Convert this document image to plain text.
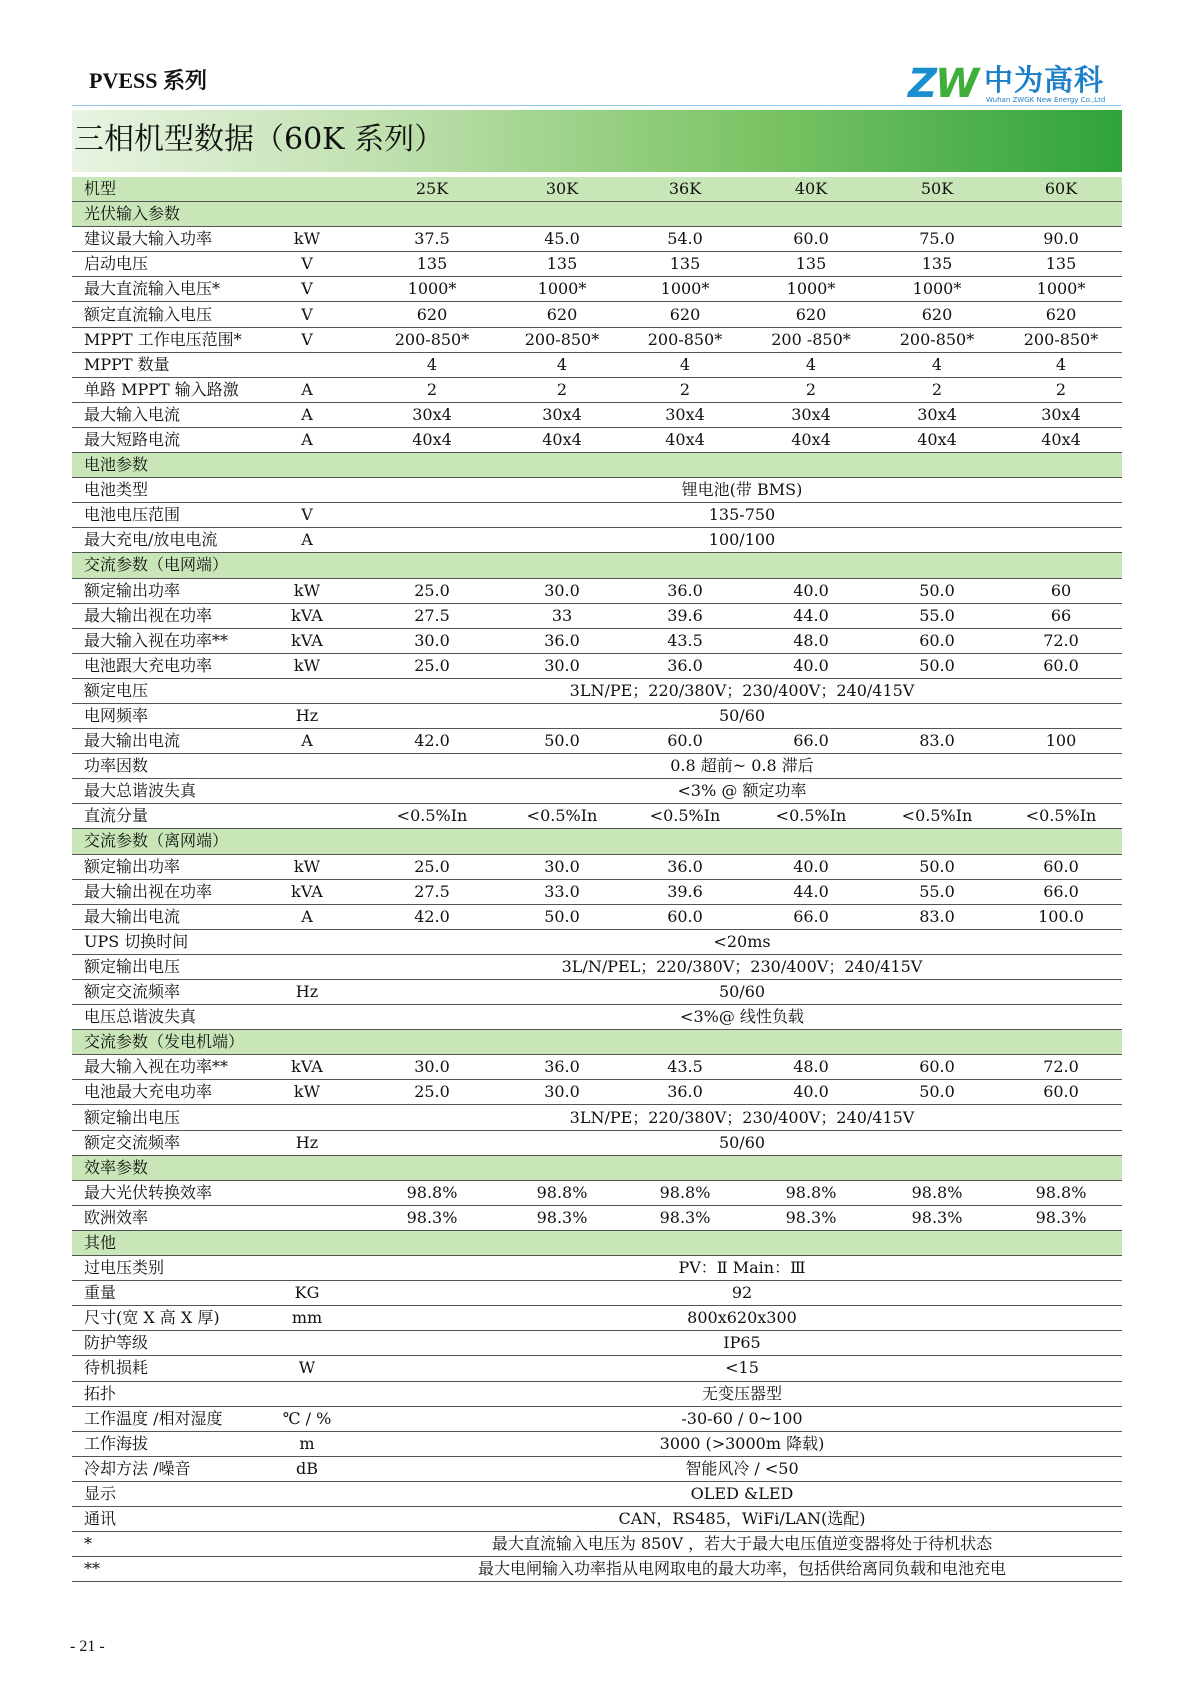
PVESS 系列	ZW 中为高科
Wuhan ZWGK New Energy Co.,Ltd
三相机型数据（60K 系列）
机型		25K	30K	36K	40K	50K	60K
光伏输入参数							
建议最大输入功率	kW	37.5	45.0	54.0	60.0	75.0	90.0
启动电压	V	135	135	135	135	135	135
最大直流输入电压*	V	1000*	1000*	1000*	1000*	1000*	1000*
额定直流输入电压	V	620	620	620	620	620	620
MPPT 工作电压范围*	V	200-850*	200-850*	200-850*	200 -850*	200-850*	200-850*
MPPT 数量		4	4	4	4	4	4
单路 MPPT 输入路激	A	2	2	2	2	2	2
最大输入电流	A	30x4	30x4	30x4	30x4	30x4	30x4
最大短路电流	A	40x4	40x4	40x4	40x4	40x4	40x4
电池参数							
电池类型		锂电池(带 BMS)					
电池电压范围	V	135-750					
最大充电/放电电流	A	100/100					
交流参数（电网端）							
额定输出功率	kW	25.0	30.0	36.0	40.0	50.0	60
最大输出视在功率	kVA	27.5	33	39.6	44.0	55.0	66
最大输入视在功率**	kVA	30.0	36.0	43.5	48.0	60.0	72.0
电池跟大充电功率	kW	25.0	30.0	36.0	40.0	50.0	60.0
额定电压		3LN/PE；220/380V；230/400V；240/415V					
电网频率	Hz	50/60					
最大输出电流	A	42.0	50.0	60.0	66.0	83.0	100
功率因数		0.8 超前~ 0.8 滞后					
最大总谐波失真		<3% @ 额定功率					
直流分量		<0.5%In	<0.5%In	<0.5%In	<0.5%In	<0.5%In	<0.5%In
交流参数（离网端）							
额定输出功率	kW	25.0	30.0	36.0	40.0	50.0	60.0
最大输出视在功率	kVA	27.5	33.0	39.6	44.0	55.0	66.0
最大输出电流	A	42.0	50.0	60.0	66.0	83.0	100.0
UPS 切换时间		<20ms					
额定输出电压		3L/N/PEL；220/380V；230/400V；240/415V					
额定交流频率	Hz	50/60					
电压总谐波失真		<3%@ 线性负载					
交流参数（发电机端）							
最大输入视在功率**	kVA	30.0	36.0	43.5	48.0	60.0	72.0
电池最大充电功率	kW	25.0	30.0	36.0	40.0	50.0	60.0
额定输出电压		3LN/PE；220/380V；230/400V；240/415V					
额定交流频率	Hz	50/60					
效率参数							
最大光伏转换效率		98.8%	98.8%	98.8%	98.8%	98.8%	98.8%
欧洲效率		98.3%	98.3%	98.3%	98.3%	98.3%	98.3%
其他							
过电压类别		PV：Ⅱ Main：Ⅲ					
重量	KG	92					
尺寸(宽 X 高 X 厚)	mm	800x620x300					
防护等级		IP65					
待机损耗	W	<15					
拓扑		无变压器型					
工作温度 /相对湿度	℃ / %	-30-60 / 0~100					
工作海拔	m	3000 (>3000m 降载)					
冷却方法 /噪音	dB	智能风冷 / <50					
显示		OLED &LED					
通讯		CAN，RS485，WiFi/LAN(选配)					
*		最大直流输入电压为 850V ，若大于最大电压值逆变器将处于待机状态					
**		最大电闸输入功率指从电网取电的最大功率，包括供给离同负载和电池充电					
- 21 -
